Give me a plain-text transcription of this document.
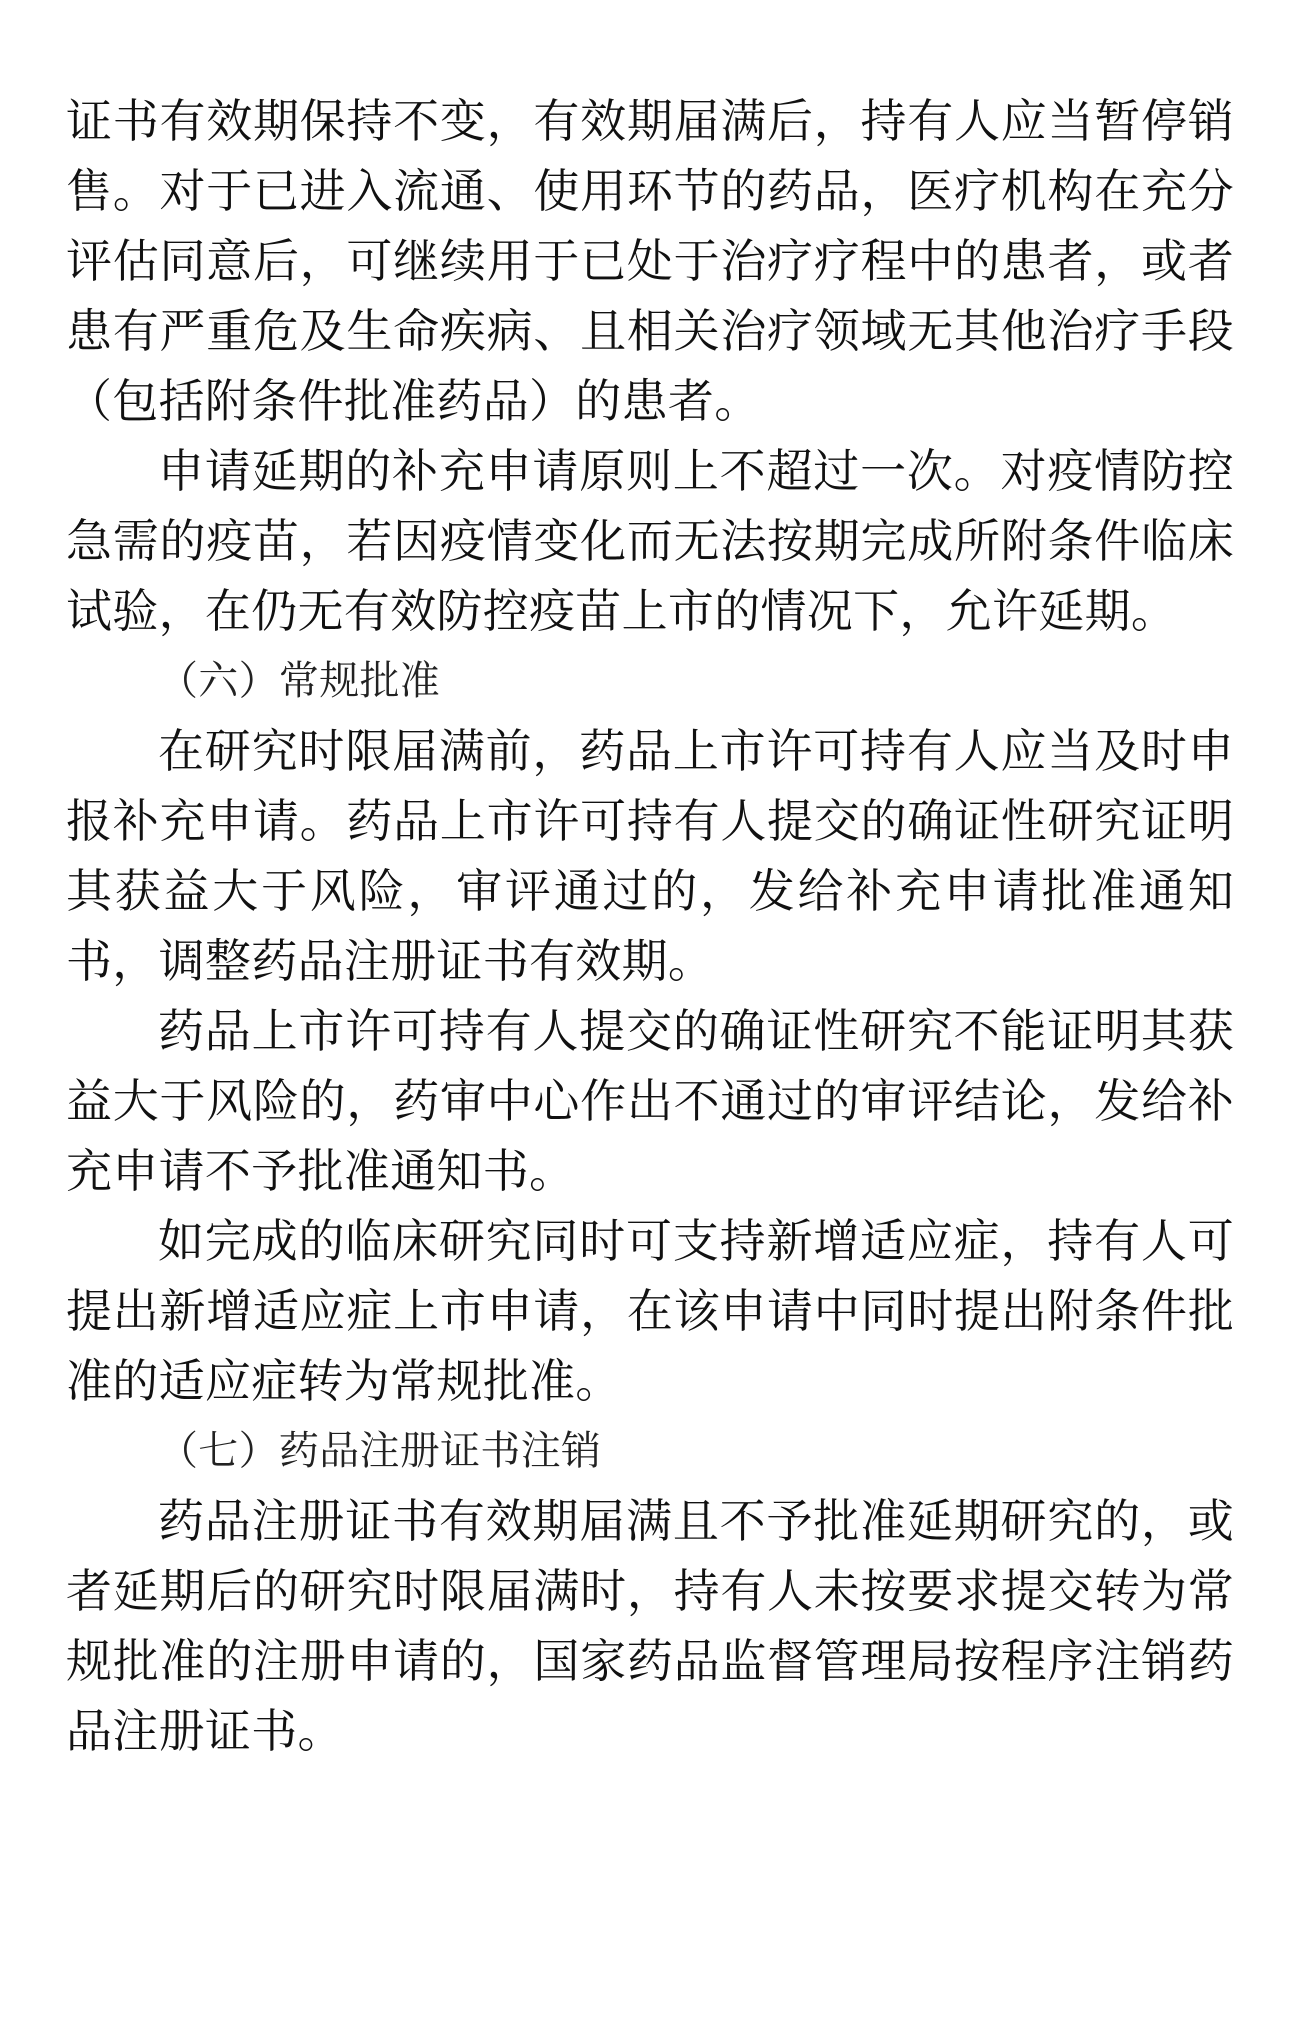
证书有效期保持不变，有效期届满后，持有人应当暂停销售。对于已进入流通、使用环节的药品，医疗机构在充分评估同意后，可继续用于已处于治疗疗程中的患者，或者患有严重危及生命疾病、且相关治疗领域无其他治疗手段（包括附条件批准药品）的患者。

申请延期的补充申请原则上不超过一次。对疫情防控急需的疫苗，若因疫情变化而无法按期完成所附条件临床试验，在仍无有效防控疫苗上市的情况下，允许延期。

（六）常规批准

在研究时限届满前，药品上市许可持有人应当及时申报补充申请。药品上市许可持有人提交的确证性研究证明其获益大于风险，审评通过的，发给补充申请批准通知书，调整药品注册证书有效期。

药品上市许可持有人提交的确证性研究不能证明其获益大于风险的，药审中心作出不通过的审评结论，发给补充申请不予批准通知书。

如完成的临床研究同时可支持新增适应症，持有人可提出新增适应症上市申请，在该申请中同时提出附条件批准的适应症转为常规批准。

（七）药品注册证书注销

药品注册证书有效期届满且不予批准延期研究的，或者延期后的研究时限届满时，持有人未按要求提交转为常规批准的注册申请的，国家药品监督管理局按程序注销药品注册证书。
